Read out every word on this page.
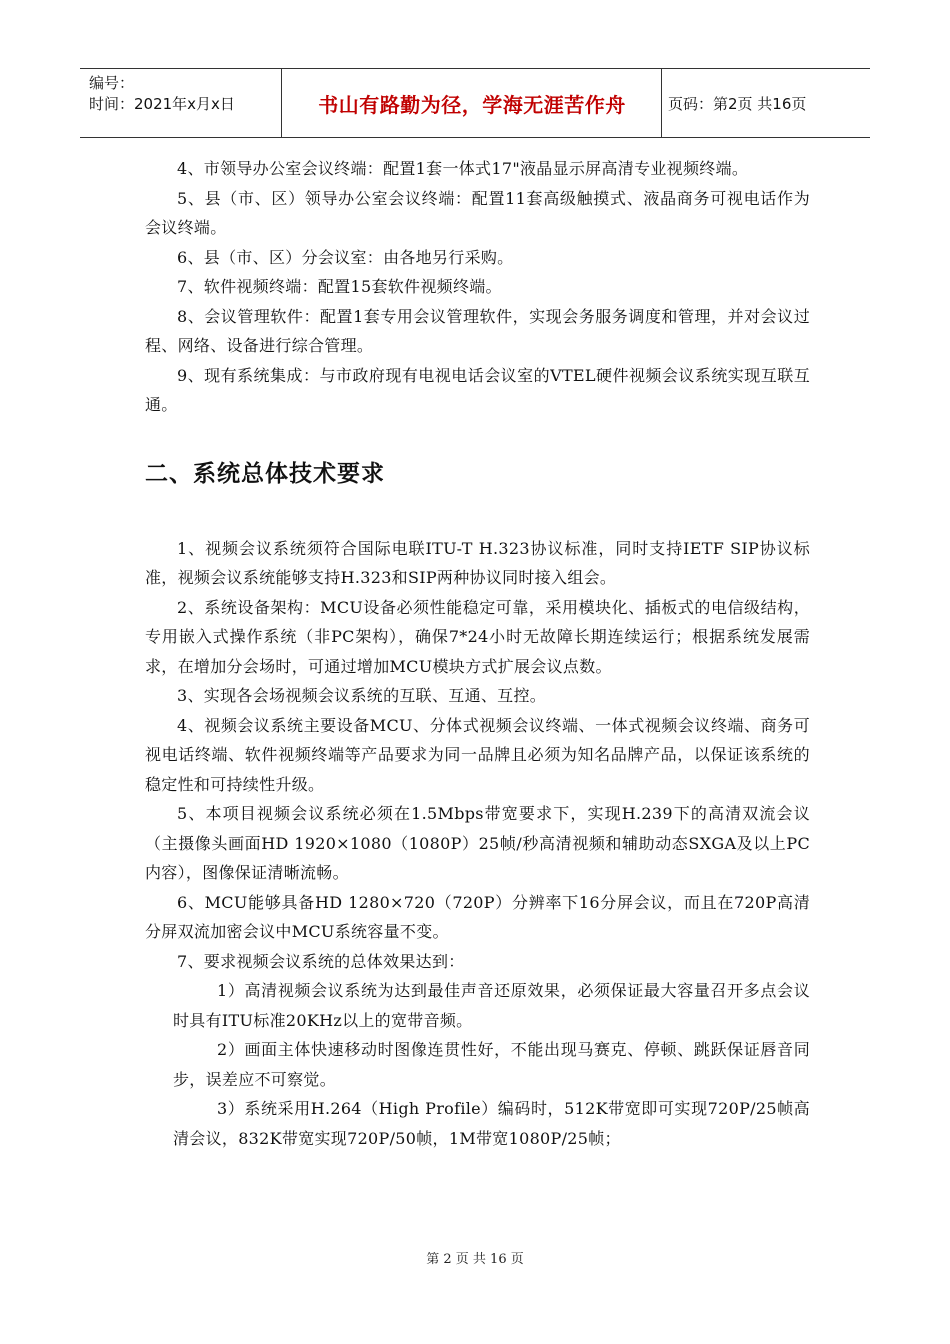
编号：
时间：2021年x月x日	书山有路勤为径，学海无涯苦作舟	页码：第2页 共16页

4、市领导办公室会议终端：配置1套一体式17"液晶显示屏高清专业视频终端。

5、县（市、区）领导办公室会议终端：配置11套高级触摸式、液晶商务可视电话作为会议终端。

6、县（市、区）分会议室：由各地另行采购。

7、软件视频终端：配置15套软件视频终端。

8、会议管理软件：配置1套专用会议管理软件，实现会务服务调度和管理，并对会议过程、网络、设备进行综合管理。

9、现有系统集成：与市政府现有电视电话会议室的VTEL硬件视频会议系统实现互联互通。

二、系统总体技术要求

1、视频会议系统须符合国际电联ITU-T H.323协议标准，同时支持IETF SIP协议标准，视频会议系统能够支持H.323和SIP两种协议同时接入组会。

2、系统设备架构：MCU设备必须性能稳定可靠，采用模块化、插板式的电信级结构，专用嵌入式操作系统（非PC架构），确保7*24小时无故障长期连续运行；根据系统发展需求，在增加分会场时，可通过增加MCU模块方式扩展会议点数。

3、实现各会场视频会议系统的互联、互通、互控。

4、视频会议系统主要设备MCU、分体式视频会议终端、一体式视频会议终端、商务可视电话终端、软件视频终端等产品要求为同一品牌且必须为知名品牌产品，以保证该系统的稳定性和可持续性升级。

5、本项目视频会议系统必须在1.5Mbps带宽要求下，实现H.239下的高清双流会议（主摄像头画面HD 1920×1080（1080P）25帧/秒高清视频和辅助动态SXGA及以上PC内容），图像保证清晰流畅。

6、MCU能够具备HD 1280×720（720P）分辨率下16分屏会议，而且在720P高清分屏双流加密会议中MCU系统容量不变。

7、要求视频会议系统的总体效果达到：

1）高清视频会议系统为达到最佳声音还原效果，必须保证最大容量召开多点会议时具有ITU标准20KHz以上的宽带音频。

2）画面主体快速移动时图像连贯性好，不能出现马赛克、停顿、跳跃保证唇音同步，误差应不可察觉。

3）系统采用H.264（High Profile）编码时，512K带宽即可实现720P/25帧高清会议，832K带宽实现720P/50帧，1M带宽1080P/25帧；

第 2 页 共 16 页
